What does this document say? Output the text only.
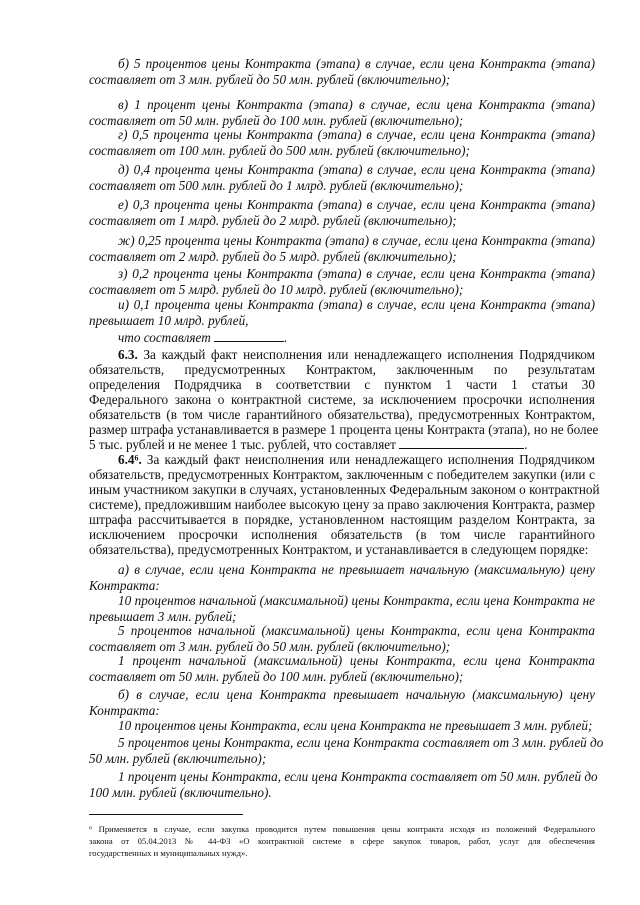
б) 5 процентов цены Контракта (этапа) в случае, если цена Контракта (этапа)
составляет от 3 млн. рублей до 50 млн. рублей (включительно);
в) 1 процент цены Контракта (этапа) в случае, если цена Контракта (этапа)
составляет от 50 млн. рублей до 100 млн. рублей (включительно);
г) 0,5 процента цены Контракта (этапа) в случае, если цена Контракта (этапа)
составляет от 100 млн. рублей до 500 млн. рублей (включительно);
д) 0,4 процента цены Контракта (этапа) в случае, если цена Контракта (этапа)
составляет от 500 млн. рублей до 1 млрд. рублей (включительно);
е) 0,3 процента цены Контракта (этапа) в случае, если цена Контракта (этапа)
составляет от 1 млрд. рублей до 2 млрд. рублей (включительно);
ж) 0,25 процента цены Контракта (этапа) в случае, если цена Контракта (этапа)
составляет от 2 млрд. рублей до 5 млрд. рублей (включительно);
з) 0,2 процента цены Контракта (этапа) в случае, если цена Контракта (этапа)
составляет от 5 млрд. рублей до 10 млрд. рублей (включительно);
и) 0,1 процента цены Контракта (этапа) в случае, если цена Контракта (этапа)
превышает 10 млрд. рублей,
что составляет	.
6.3. За каждый факт неисполнения или ненадлежащего исполнения Подрядчиком
обязательств, предусмотренных Контрактом, заключенным по результатам
определения Подрядчика в соответствии с пунктом 1 части 1 статьи 30
Федерального закона о контрактной системе, за исключением просрочки исполнения
обязательств (в том числе гарантийного обязательства), предусмотренных Контрактом,
размер штрафа устанавливается в размере 1 процента цены Контракта (этапа), но не более
5 тыс. рублей и не менее 1 тыс. рублей, что составляет	.
6.4⁶. За каждый факт неисполнения или ненадлежащего исполнения Подрядчиком
обязательств, предусмотренных Контрактом, заключенным с победителем закупки (или с
иным участником закупки в случаях, установленных Федеральным законом о контрактной
системе), предложившим наиболее высокую цену за право заключения Контракта, размер
штрафа рассчитывается в порядке, установленном настоящим разделом Контракта, за
исключением просрочки исполнения обязательств (в том числе гарантийного
обязательства), предусмотренных Контрактом, и устанавливается в следующем порядке:
а) в случае, если цена Контракта не превышает начальную (максимальную) цену
Контракта:
10 процентов начальной (максимальной) цены Контракта, если цена Контракта не
превышает 3 млн. рублей;
5 процентов начальной (максимальной) цены Контракта, если цена Контракта
составляет от 3 млн. рублей до 50 млн. рублей (включительно);
1 процент начальной (максимальной) цены Контракта, если цена Контракта
составляет от 50 млн. рублей до 100 млн. рублей (включительно);
б) в случае, если цена Контракта превышает начальную (максимальную) цену
Контракта:
10 процентов цены Контракта, если цена Контракта не превышает 3 млн. рублей;
5 процентов цены Контракта, если цена Контракта составляет от 3 млн. рублей до
50 млн. рублей (включительно);
1 процент цены Контракта, если цена Контракта составляет от 50 млн. рублей до
100 млн. рублей (включительно).
⁶ Применяется в случае, если закупка проводится путем повышения цены контракта исходя из положений Федерального
закона от 05.04.2013 № 44-ФЗ «О контрактной системе в сфере закупок товаров, работ, услуг для обеспечения
государственных и муниципальных нужд».
